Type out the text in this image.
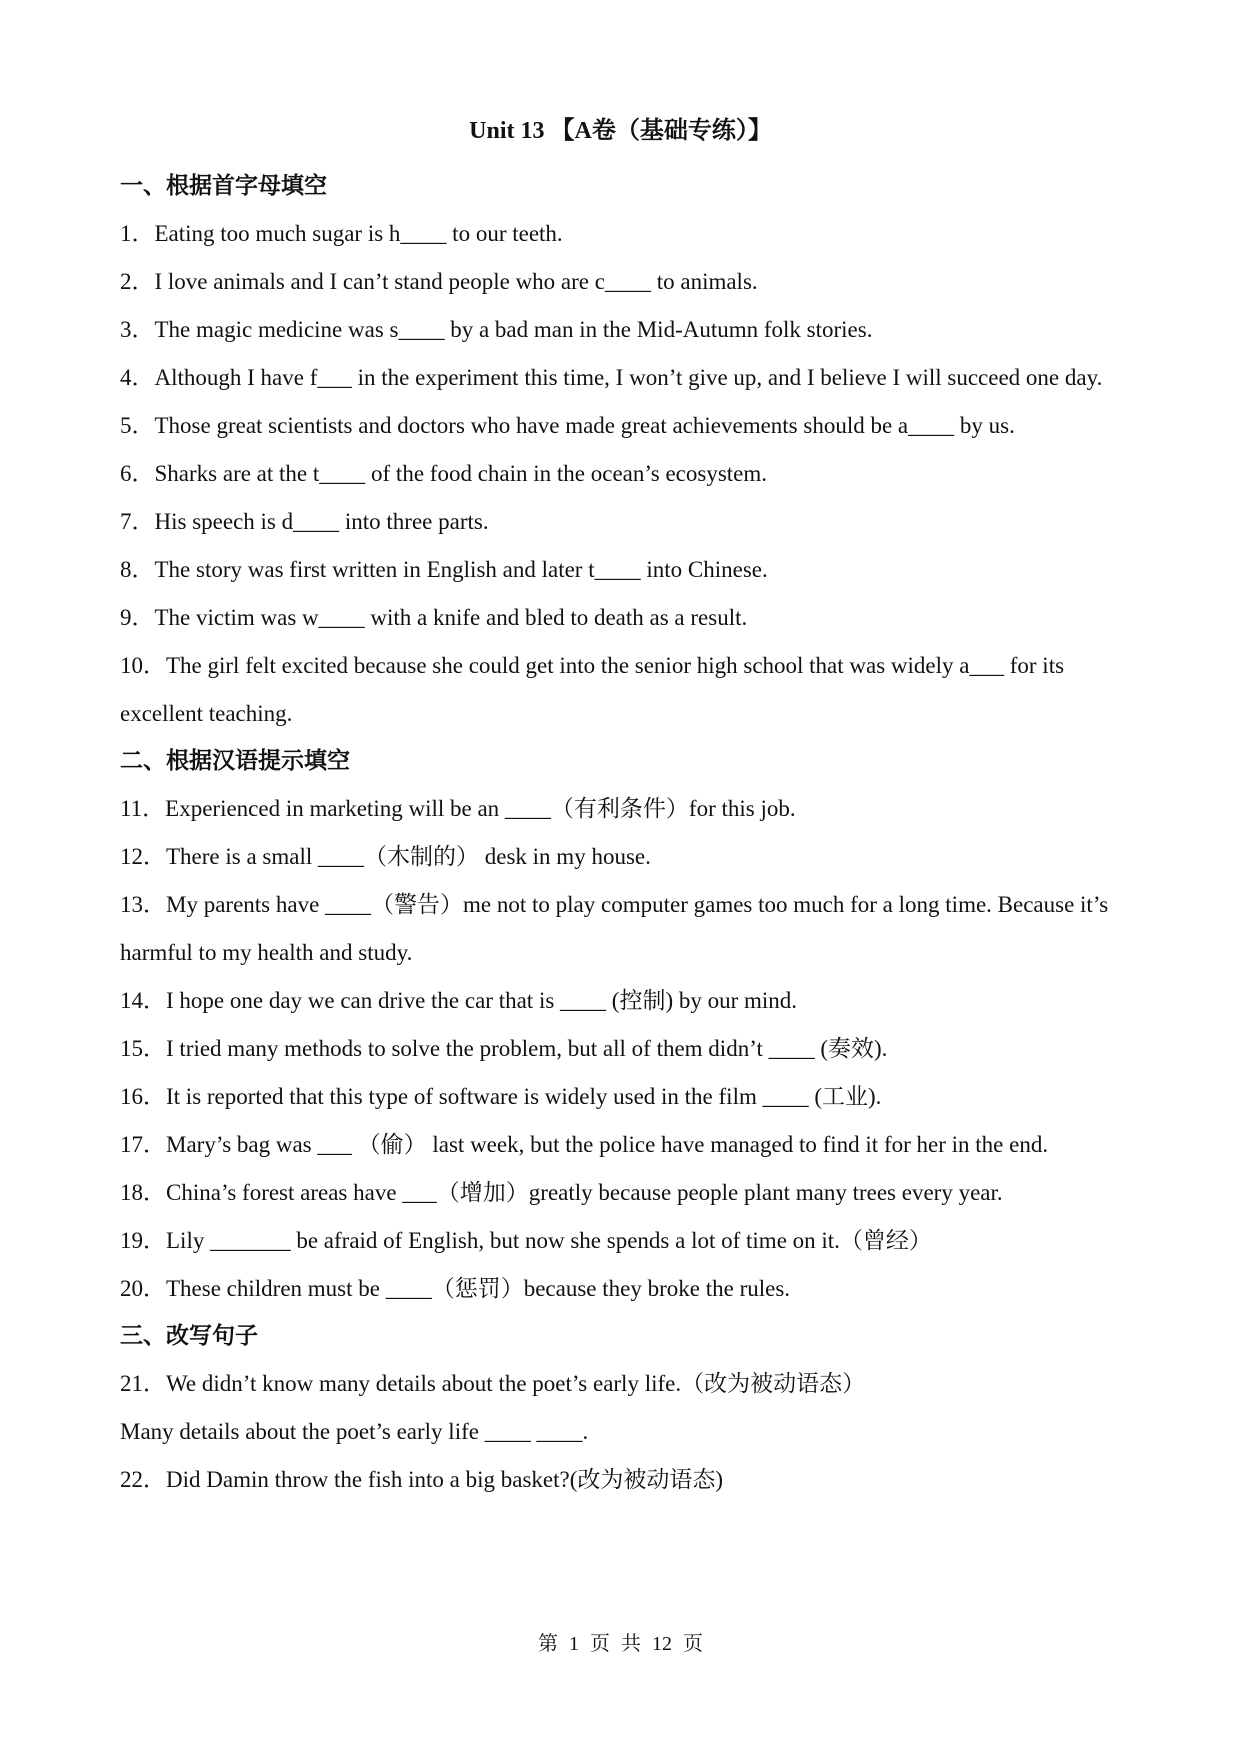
Unit 13 【A卷（基础专练）】
一、根据首字母填空

1．Eating too much sugar is h____ to our teeth.

2．I love animals and I can’t stand people who are c____ to animals.

3．The magic medicine was s____ by a bad man in the Mid-Autumn folk stories.

4．Although I have f___ in the experiment this time, I won’t give up, and I believe I will succeed one day.

5．Those great scientists and doctors who have made great achievements should be a____ by us.

6．Sharks are at the t____ of the food chain in the ocean’s ecosystem.

7．His speech is d____ into three parts.

8．The story was first written in English and later t____ into Chinese.

9．The victim was w____ with a knife and bled to death as a result.

10．The girl felt excited because she could get into the senior high school that was widely a___ for its excellent teaching.

二、根据汉语提示填空

11．Experienced in marketing will be an ____（有利条件）for this job.

12．There is a small ____（木制的） desk in my house.

13．My parents have ____（警告）me not to play computer games too much for a long time. Because it’s harmful to my health and study.

14．I hope one day we can drive the car that is ____ (控制) by our mind.

15．I tried many methods to solve the problem, but all of them didn’t ____ (奏效).

16．It is reported that this type of software is widely used in the film ____ (工业).

17．Mary’s bag was ___ （偷） last week, but the police have managed to find it for her in the end.

18．China’s forest areas have ___（增加）greatly because people plant many trees every year.

19．Lily _______ be afraid of English, but now she spends a lot of time on it.（曾经）

20．These children must be ____（惩罚）because they broke the rules.

三、改写句子

21．We didn’t know many details about the poet’s early life.（改为被动语态）

Many details about the poet’s early life ____ ____.

22．Did Damin throw the fish into a big basket?(改为被动语态)

第 1 页 共 12 页
